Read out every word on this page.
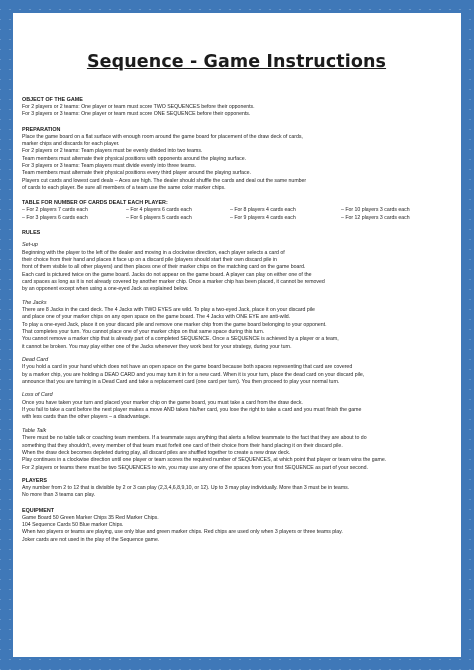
Sequence - Game Instructions
OBJECT OF THE GAME
For 2 players or 2 teams: One player or team must score TWO SEQUENCES before their opponents.
For 3 players or 3 teams: One player or team must score ONE SEQUENCE before their opponents.
PREPARATION
Place the game board on a flat surface with enough room around the game board for placement of the draw deck of cards,
marker chips and discards for each player.
For 2 players or 2 teams: Team players must be evenly divided into two teams.
Team members must alternate their physical positions with opponents around the playing surface.
For 3 players or 3 teams: Team players must divide evenly into three teams.
Team members must alternate their physical positions every third player around the playing surface.
Players cut cards and lowest card deals – Aces are high. The dealer should shuffle the cards and deal out the same number
of cards to each player. Be sure all members of a team use the same color marker chips.
TABLE FOR NUMBER OF CARDS DEALT EACH PLAYER:
– For 2 players 7 cards each	– For 4 players 6 cards each	– For 8 players 4 cards each	– For 10 players 3 cards each
– For 3 players 6 cards each	– For 6 players 5 cards each	– For 9 players 4 cards each	– For 12 players 3 cards each
RULES
Set-up
Beginning with the player to the left of the dealer and moving in a clockwise direction, each player selects a card of
their choice from their hand and places it face up on a discard pile (players should start their own discard pile in
front of them visible to all other players) and then places one of their marker chips on the matching card on the game board.
Each card is pictured twice on the game board. Jacks do not appear on the game board. A player can play on either one of the
card spaces as long as it is not already covered by another marker chip. Once a marker chip has been placed, it cannot be removed
by an opponent except when using a one-eyed Jack as explained below.
The Jacks
There are 8 Jacks in the card deck. The 4 Jacks with TWO EYES are wild. To play a two-eyed Jack, place it on your discard pile
and place one of your marker chips on any open space on the game board. The 4 Jacks with ONE EYE are anti-wild.
To play a one-eyed Jack, place it on your discard pile and remove one marker chip from the game board belonging to your opponent.
That completes your turn. You cannot place one of your marker chips on that same space during this turn.
You cannot remove a marker chip that is already part of a completed SEQUENCE. Once a SEQUENCE is achieved by a player or a team,
it cannot be broken. You may play either one of the Jacks whenever they work best for your strategy, during your turn.
Dead Card
If you hold a card in your hand which does not have an open space on the game board because both spaces representing that card are covered
by a marker chip, you are holding a DEAD CARD and you may turn it in for a new card. When it is your turn, place the dead card on your discard pile,
announce that you are turning in a Dead Card and take a replacement card (one card per turn). You then proceed to play your normal turn.
Loss of Card
Once you have taken your turn and placed your marker chip on the game board, you must take a card from the draw deck.
If you fail to take a card before the next player makes a move AND takes his/her card, you lose the right to take a card and you must finish the game
with less cards than the other players – a disadvantage.
Table Talk
There must be no table talk or coaching team members. If a teammate says anything that alerts a fellow teammate to the fact that they are about to do
something that they shouldn't, every member of that team must forfeit one card of their choice from their hand placing it on their discard pile.
When the draw deck becomes depleted during play, all discard piles are shuffled together to create a new draw deck.
Play continues in a clockwise direction until one player or team scores the required number of SEQUENCES, at which point that player or team wins the game.
For 2 players or teams there must be two SEQUENCES to win, you may use any one of the spaces from your first SEQUENCE as part of your second.
PLAYERS
Any number from 2 to 12 that is divisible by 2 or 3 can play (2,3,4,6,8,9,10, or 12). Up to 3 may play individually. More than 3 must be in teams.
No more than 3 teams can play.
EQUIPMENT
Game Board 50 Green Marker Chips 35 Red Marker Chips.
104 Sequence Cards 50 Blue marker Chips.
When two players or teams are playing, use only blue and green marker chips. Red chips are used only when 3 players or three teams play.
Joker cards are not used in the play of the Sequence game.
